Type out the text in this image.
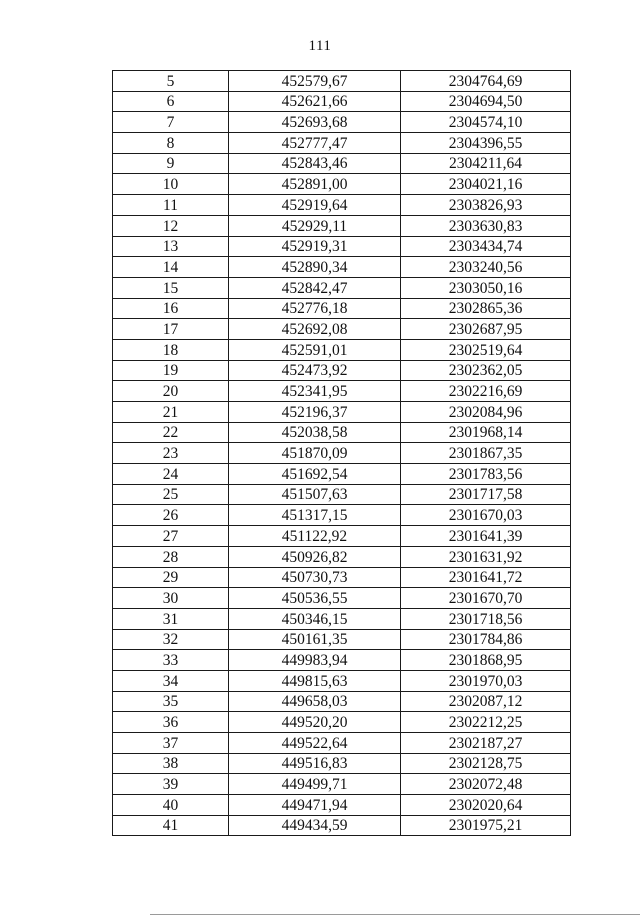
111
5	452579,67	2304764,69
6	452621,66	2304694,50
7	452693,68	2304574,10
8	452777,47	2304396,55
9	452843,46	2304211,64
10	452891,00	2304021,16
11	452919,64	2303826,93
12	452929,11	2303630,83
13	452919,31	2303434,74
14	452890,34	2303240,56
15	452842,47	2303050,16
16	452776,18	2302865,36
17	452692,08	2302687,95
18	452591,01	2302519,64
19	452473,92	2302362,05
20	452341,95	2302216,69
21	452196,37	2302084,96
22	452038,58	2301968,14
23	451870,09	2301867,35
24	451692,54	2301783,56
25	451507,63	2301717,58
26	451317,15	2301670,03
27	451122,92	2301641,39
28	450926,82	2301631,92
29	450730,73	2301641,72
30	450536,55	2301670,70
31	450346,15	2301718,56
32	450161,35	2301784,86
33	449983,94	2301868,95
34	449815,63	2301970,03
35	449658,03	2302087,12
36	449520,20	2302212,25
37	449522,64	2302187,27
38	449516,83	2302128,75
39	449499,71	2302072,48
40	449471,94	2302020,64
41	449434,59	2301975,21
